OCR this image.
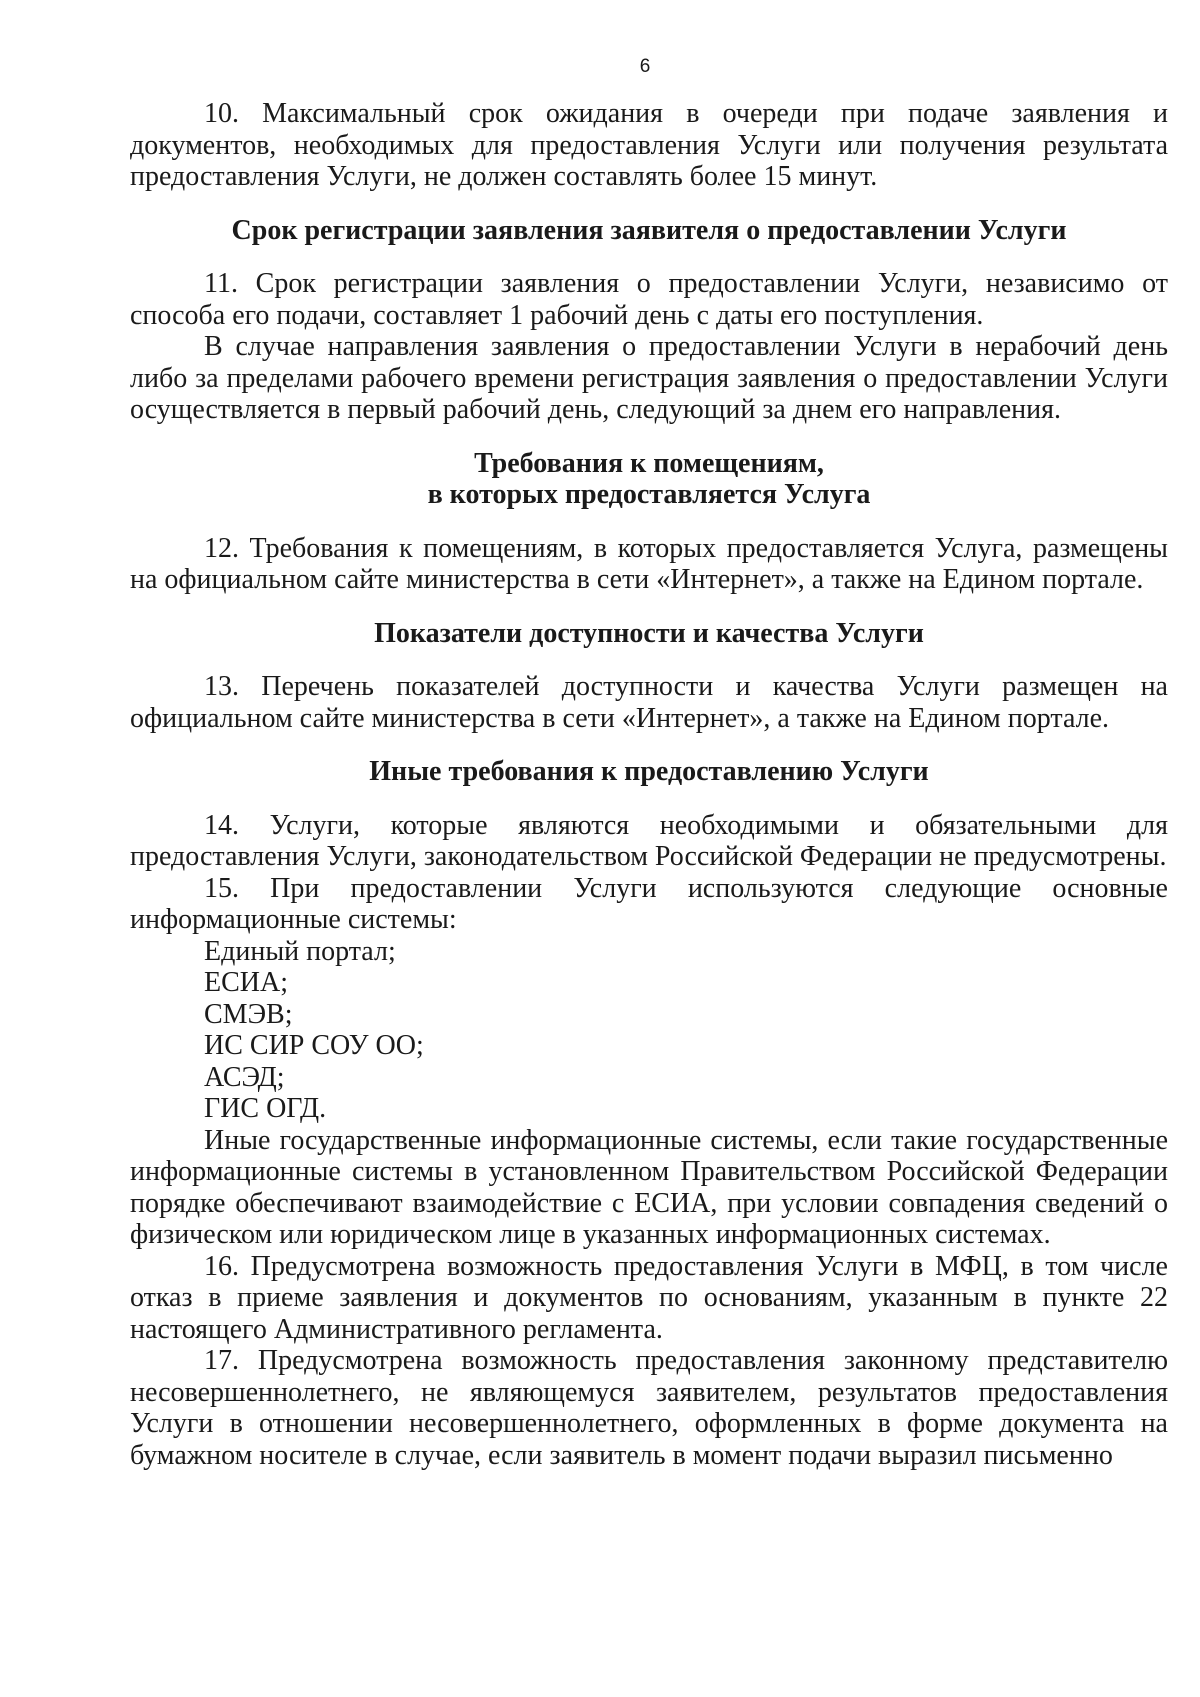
6

10. Максимальный срок ожидания в очереди при подаче заявления и документов, необходимых для предоставления Услуги или получения результата предоставления Услуги, не должен составлять более 15 минут.

Срок регистрации заявления заявителя о предоставлении Услуги

11. Срок регистрации заявления о предоставлении Услуги, независимо от способа его подачи, составляет 1 рабочий день с даты его поступления.

В случае направления заявления о предоставлении Услуги в нерабочий день либо за пределами рабочего времени регистрация заявления о предоставлении Услуги осуществляется в первый рабочий день, следующий за днем его направления.

Требования к помещениям,
в которых предоставляется Услуга

12. Требования к помещениям, в которых предоставляется Услуга, размещены на официальном сайте министерства в сети «Интернет», а также на Едином портале.

Показатели доступности и качества Услуги

13. Перечень показателей доступности и качества Услуги размещен на официальном сайте министерства в сети «Интернет», а также на Едином портале.

Иные требования к предоставлению Услуги

14. Услуги, которые являются необходимыми и обязательными для предоставления Услуги, законодательством Российской Федерации не предусмотрены.

15. При предоставлении Услуги используются следующие основные информационные системы:

Единый портал;

ЕСИА;

СМЭВ;

ИС СИР СОУ ОО;

АСЭД;

ГИС ОГД.

Иные государственные информационные системы, если такие государственные информационные системы в установленном Правительством Российской Федерации порядке обеспечивают взаимодействие с ЕСИА, при условии совпадения сведений о физическом или юридическом лице в указанных информационных системах.

16. Предусмотрена возможность предоставления Услуги в МФЦ, в том числе отказ в приеме заявления и документов по основаниям, указанным в пункте 22 настоящего Административного регламента.

17. Предусмотрена возможность предоставления законному представителю несовершеннолетнего, не являющемуся заявителем, результатов предоставления Услуги в отношении несовершеннолетнего, оформленных в форме документа на бумажном носителе в случае, если заявитель в момент подачи выразил письменно
